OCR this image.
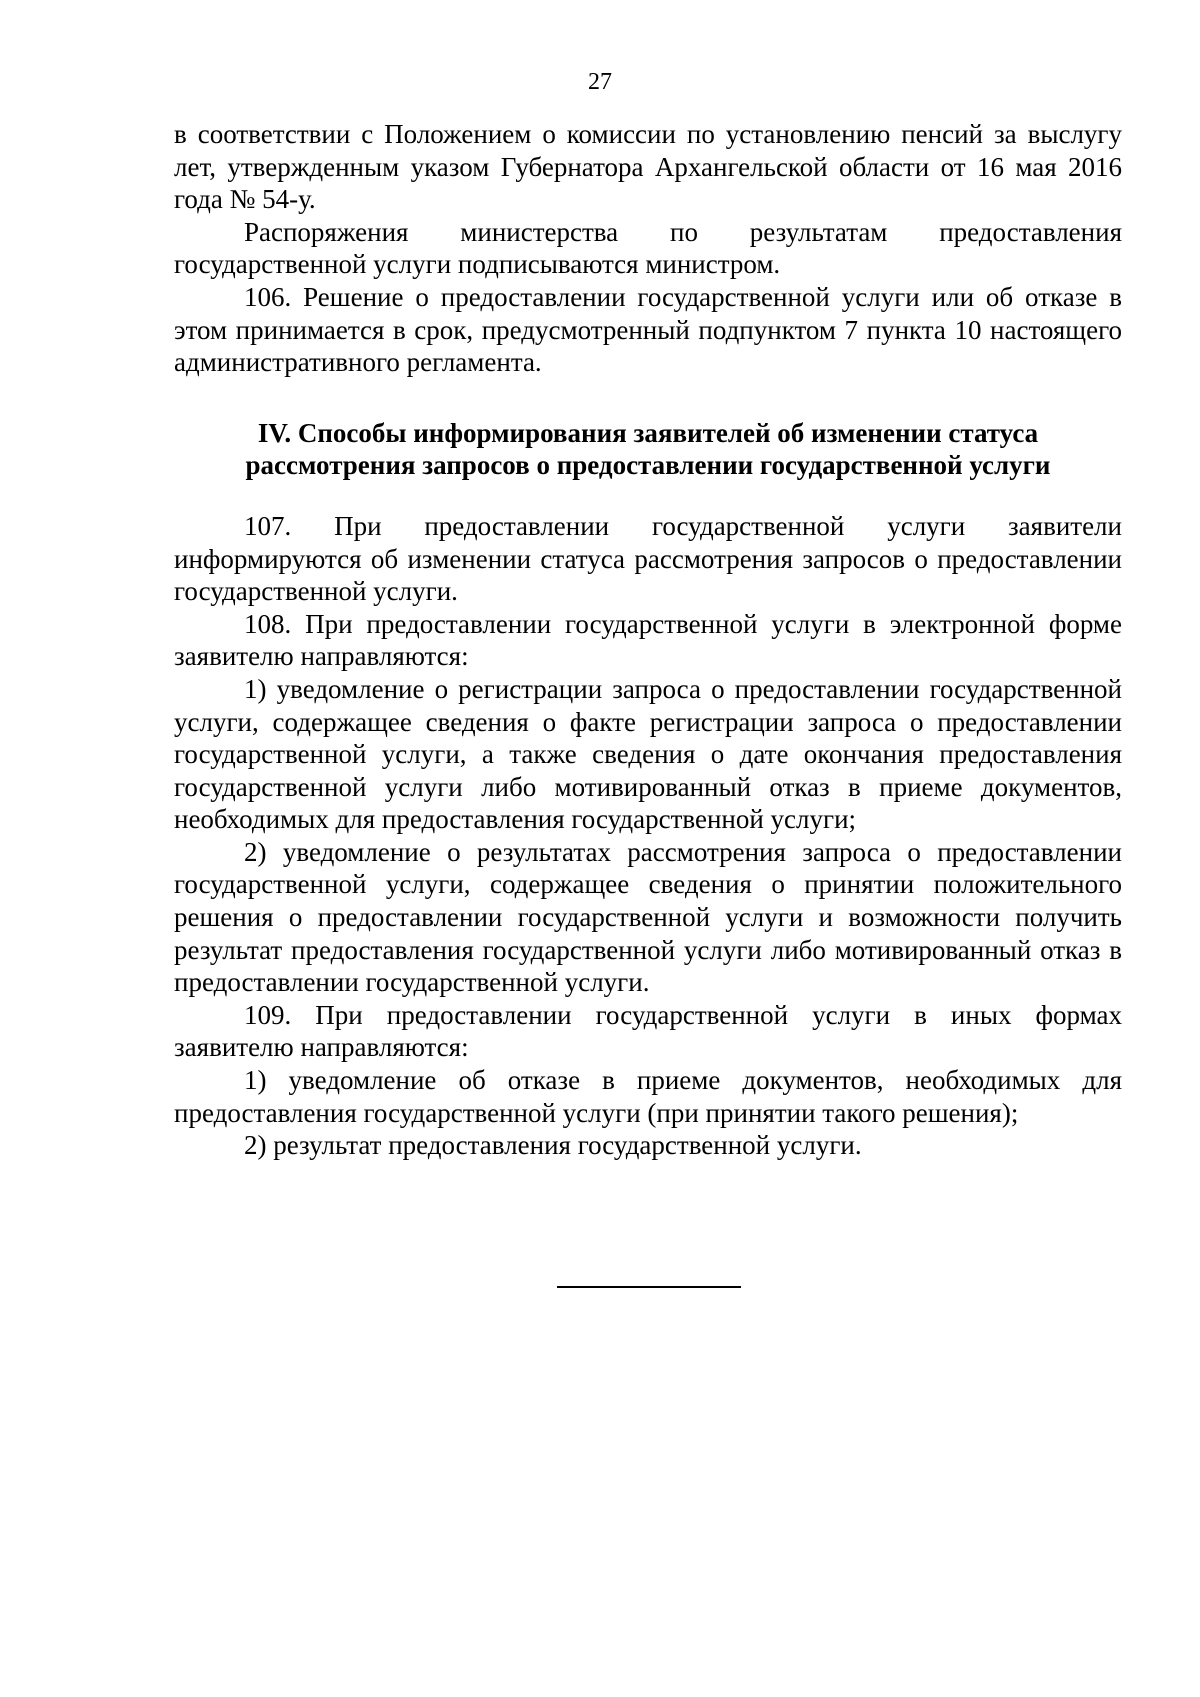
27

в соответствии с Положением о комиссии по установлению пенсий за выслугу лет, утвержденным указом Губернатора Архангельской области от 16 мая 2016 года № 54-у.

Распоряжения министерства по результатам предоставления государственной услуги подписываются министром.

106. Решение о предоставлении государственной услуги или об отказе в этом принимается в срок, предусмотренный подпунктом 7 пункта 10 настоящего административного регламента.

IV. Способы информирования заявителей об изменении статуса
рассмотрения запросов о предоставлении государственной услуги

107. При предоставлении государственной услуги заявители информируются об изменении статуса рассмотрения запросов о предоставлении государственной услуги.

108. При предоставлении государственной услуги в электронной форме заявителю направляются:

1) уведомление о регистрации запроса о предоставлении государственной услуги, содержащее сведения о факте регистрации запроса о предоставлении государственной услуги, а также сведения о дате окончания предоставления государственной услуги либо мотивированный отказ в приеме документов, необходимых для предоставления государственной услуги;

2) уведомление о результатах рассмотрения запроса о предоставлении государственной услуги, содержащее сведения о принятии положительного решения о предоставлении государственной услуги и возможности получить результат предоставления государственной услуги либо мотивированный отказ в предоставлении государственной услуги.

109. При предоставлении государственной услуги в иных формах заявителю направляются:

1) уведомление об отказе в приеме документов, необходимых для предоставления государственной услуги (при принятии такого решения);

2) результат предоставления государственной услуги.
